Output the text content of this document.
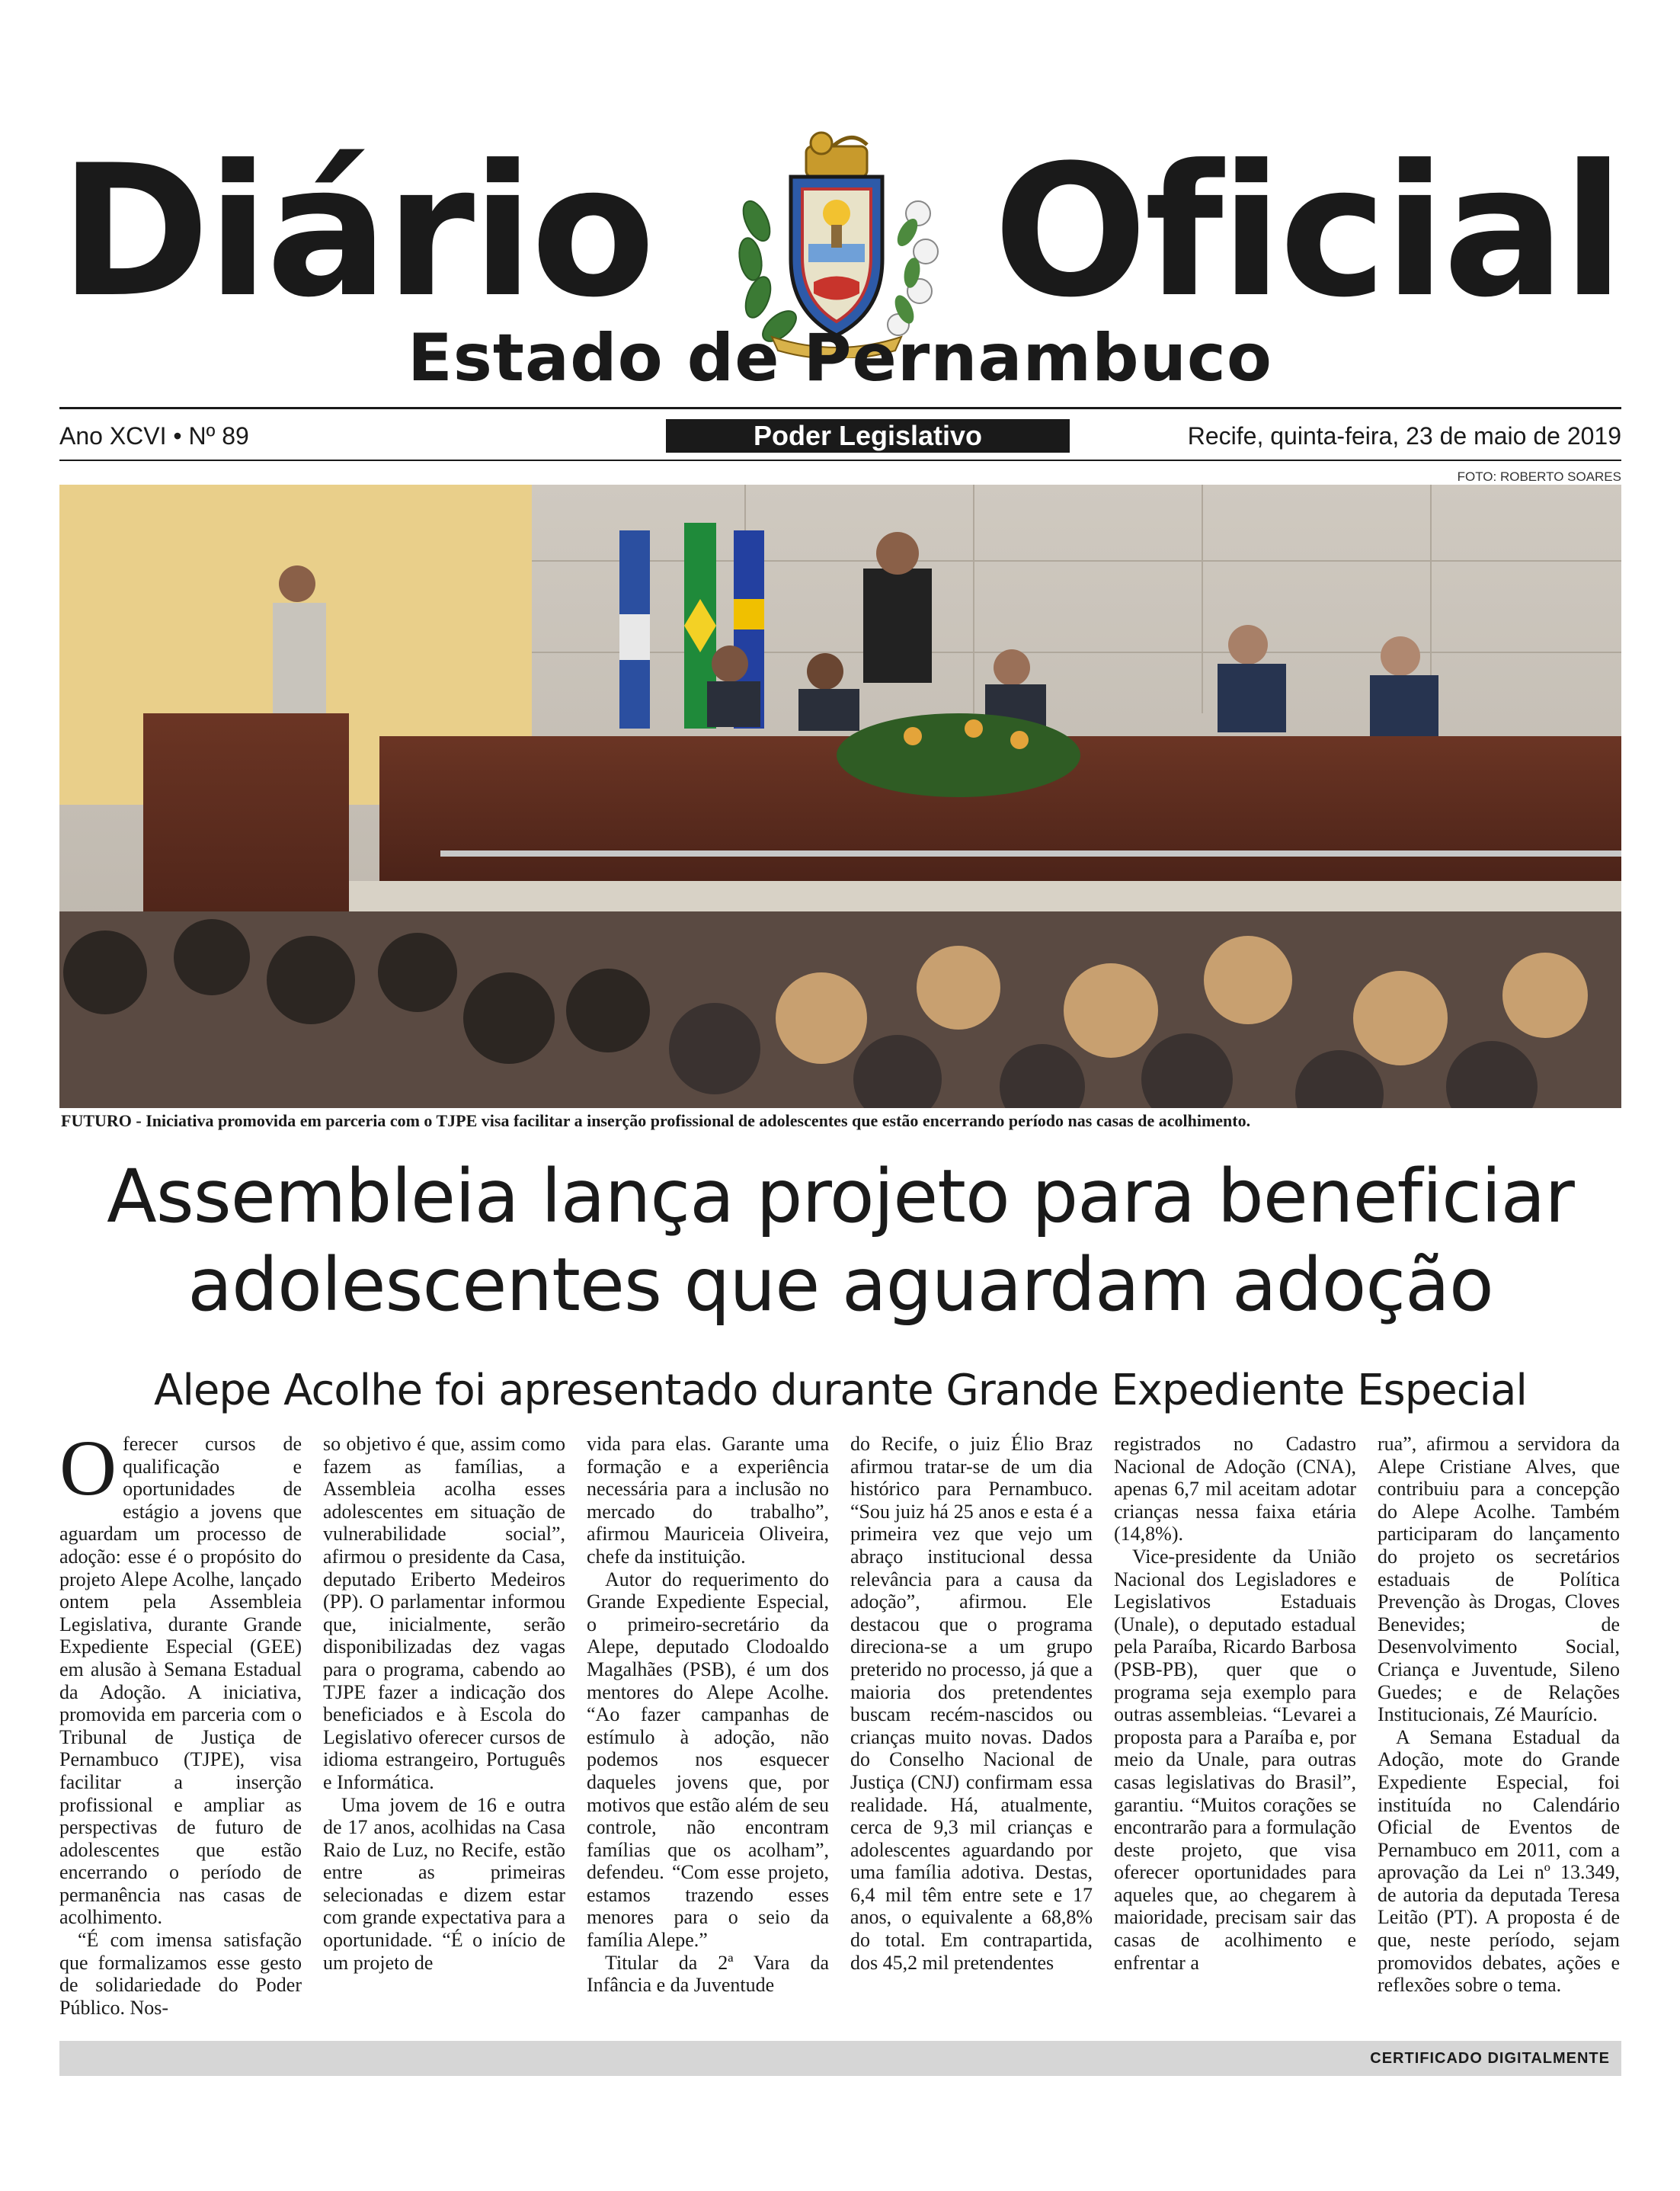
Diário Oficial
Estado de Pernambuco
Ano XCVI • Nº 89	Poder Legislativo	Recife, quinta-feira, 23 de maio de 2019
FOTO: ROBERTO SOARES
FUTURO - Iniciativa promovida em parceria com o TJPE visa facilitar a inserção profissional de adolescentes que estão encerrando período nas casas de acolhimento.
Assembleia lança projeto para beneficiar
adolescentes que aguardam adoção
Alepe Acolhe foi apresentado durante Grande Expediente Especial

Oferecer cursos de qualificação e oportunidades de estágio a jovens que aguardam um processo de adoção: esse é o propósito do projeto Alepe Acolhe, lançado ontem pela Assembleia Legislativa, durante Grande Expediente Especial (GEE) em alusão à Semana Estadual da Adoção. A iniciativa, promovida em parceria com o Tribunal de Justiça de Pernambuco (TJPE), visa facilitar a inserção profissional e ampliar as perspectivas de futuro de adolescentes que estão encerrando o período de permanência nas casas de acolhimento.

“É com imensa satisfação que formalizamos esse gesto de solidariedade do Poder Público. Nos-

so objetivo é que, assim como fazem as famílias, a Assembleia acolha esses adolescentes em situação de vulnerabilidade social”, afirmou o presidente da Casa, deputado Eriberto Medeiros (PP). O parlamentar informou que, inicialmente, serão disponibilizadas dez vagas para o programa, cabendo ao TJPE fazer a indicação dos beneficiados e à Escola do Legislativo oferecer cursos de idioma estrangeiro, Português e Informática.

Uma jovem de 16 e outra de 17 anos, acolhidas na Casa Raio de Luz, no Recife, estão entre as primeiras selecionadas e dizem estar com grande expectativa para a oportunidade. “É o início de um projeto de

vida para elas. Garante uma formação e a experiência necessária para a inclusão no mercado do trabalho”, afirmou Mauriceia Oliveira, chefe da instituição.

Autor do requerimento do Grande Expediente Especial, o primeiro-secretário da Alepe, deputado Clodoaldo Magalhães (PSB), é um dos mentores do Alepe Acolhe. “Ao fazer campanhas de estímulo à adoção, não podemos nos esquecer daqueles jovens que, por motivos que estão além de seu controle, não encontram famílias que os acolham”, defendeu. “Com esse projeto, estamos trazendo esses menores para o seio da família Alepe.”

Titular da 2ª Vara da Infância e da Juventude

do Recife, o juiz Élio Braz afirmou tratar-se de um dia histórico para Pernambuco. “Sou juiz há 25 anos e esta é a primeira vez que vejo um abraço institucional dessa relevância para a causa da adoção”, afirmou. Ele destacou que o programa direciona-se a um grupo preterido no processo, já que a maioria dos pretendentes buscam recém-nascidos ou crianças muito novas. Dados do Conselho Nacional de Justiça (CNJ) confirmam essa realidade. Há, atualmente, cerca de 9,3 mil crianças e adolescentes aguardando por uma família adotiva. Destas, 6,4 mil têm entre sete e 17 anos, o equivalente a 68,8% do total. Em contrapartida, dos 45,2 mil pretendentes

registrados no Cadastro Nacional de Adoção (CNA), apenas 6,7 mil aceitam adotar crianças nessa faixa etária (14,8%).

Vice-presidente da União Nacional dos Legisladores e Legislativos Estaduais (Unale), o deputado estadual pela Paraíba, Ricardo Barbosa (PSB-PB), quer que o programa seja exemplo para outras assembleias. “Levarei a proposta para a Paraíba e, por meio da Unale, para outras casas legislativas do Brasil”, garantiu. “Muitos corações se encontrarão para a formulação deste projeto, que visa oferecer oportunidades para aqueles que, ao chegarem à maioridade, precisam sair das casas de acolhimento e enfrentar a

rua”, afirmou a servidora da Alepe Cristiane Alves, que contribuiu para a concepção do Alepe Acolhe. Também participaram do lançamento do projeto os secretários estaduais de Política Prevenção às Drogas, Cloves Benevides; de Desenvolvimento Social, Criança e Juventude, Sileno Guedes; e de Relações Institucionais, Zé Maurício.

A Semana Estadual da Adoção, mote do Grande Expediente Especial, foi instituída no Calendário Oficial de Eventos de Pernambuco em 2011, com a aprovação da Lei nº 13.349, de autoria da deputada Teresa Leitão (PT). A proposta é de que, neste período, sejam promovidos debates, ações e reflexões sobre o tema.

CERTIFICADO DIGITALMENTE
